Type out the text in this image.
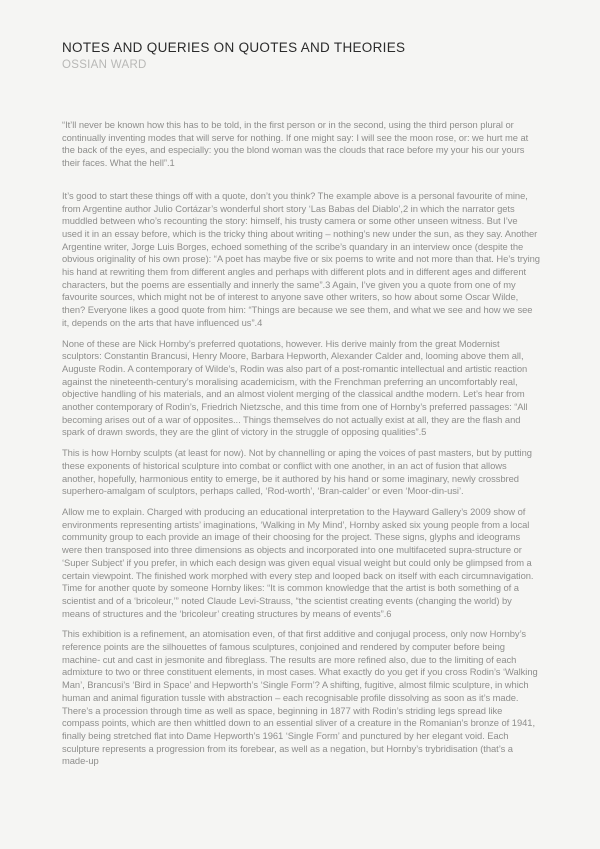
NOTES AND QUERIES ON QUOTES AND THEORIES
OSSIAN WARD

“It’ll never be known how this has to be told, in the first person or in the second, using the third person plural or continually inventing modes that will serve for nothing. If one might say: I will see the moon rose, or: we hurt me at the back of the eyes, and especially: you the blond woman was the clouds that race before my your his our yours their faces. What the hell”.1

It’s good to start these things off with a quote, don’t you think? The example above is a personal favourite of mine, from Argentine author Julio Cortázar’s wonderful short story ‘Las Babas del Diablo’,2 in which the narrator gets muddled between who’s recounting the story: himself, his trusty camera or some other unseen witness. But I’ve used it in an essay before, which is the tricky thing about writing – nothing’s new under the sun, as they say. Another Argentine writer, Jorge Luis Borges, echoed something of the scribe’s quandary in an interview once (despite the obvious originality of his own prose): “A poet has maybe five or six poems to write and not more than that. He’s trying his hand at rewriting them from different angles and perhaps with different plots and in different ages and different characters, but the poems are essentially and innerly the same”.3 Again, I’ve given you a quote from one of my favourite sources, which might not be of interest to anyone save other writers, so how about some Oscar Wilde, then? Everyone likes a good quote from him: “Things are because we see them, and what we see and how we see it, depends on the arts that have influenced us”.4

None of these are Nick Hornby’s preferred quotations, however. His derive mainly from the great Modernist sculptors: Constantin Brancusi, Henry Moore, Barbara Hepworth, Alexander Calder and, looming above them all, Auguste Rodin. A contemporary of Wilde’s, Rodin was also part of a post-romantic intellectual and artistic reaction against the nineteenth-century’s moralising academicism, with the Frenchman preferring an uncomfortably real, objective handling of his materials, and an almost violent merging of the classical andthe modern. Let’s hear from another contemporary of Rodin’s, Friedrich Nietzsche, and this time from one of Hornby’s preferred passages: “All becoming arises out of a war of opposites... Things themselves do not actually exist at all, they are the flash and spark of drawn swords, they are the glint of victory in the struggle of opposing qualities”.5

This is how Hornby sculpts (at least for now). Not by channelling or aping the voices of past masters, but by putting these exponents of historical sculpture into combat or conflict with one another, in an act of fusion that allows another, hopefully, harmonious entity to emerge, be it authored by his hand or some imaginary, newly crossbred superhero-amalgam of sculptors, perhaps called, ‘Rod-worth’, ‘Bran-calder’ or even ‘Moor-din-usi’.

Allow me to explain. Charged with producing an educational interpretation to the Hayward Gallery’s 2009 show of environments representing artists’ imaginations, ‘Walking in My Mind’, Hornby asked six young people from a local community group to each provide an image of their choosing for the project. These signs, glyphs and ideograms were then transposed into three dimensions as objects and incorporated into one multifaceted supra-structure or ‘Super Subject’ if you prefer, in which each design was given equal visual weight but could only be glimpsed from a certain viewpoint. The finished work morphed with every step and looped back on itself with each circumnavigation. Time for another quote by someone Hornby likes: “It is common knowledge that the artist is both something of a scientist and of a ‘bricoleur,’” noted Claude Levi-Strauss, “the scientist creating events (changing the world) by means of structures and the ‘bricoleur’ creating structures by means of events”.6

This exhibition is a refinement, an atomisation even, of that first additive and conjugal process, only now Hornby’s reference points are the silhouettes of famous sculptures, conjoined and rendered by computer before being machine- cut and cast in jesmonite and fibreglass. The results are more refined also, due to the limiting of each admixture to two or three constituent elements, in most cases. What exactly do you get if you cross Rodin’s ‘Walking Man’, Brancusi’s ‘Bird in Space’ and Hepworth’s ‘Single Form’? A shifting, fugitive, almost filmic sculpture, in which human and animal figuration tussle with abstraction – each recognisable profile dissolving as soon as it’s made. There’s a procession through time as well as space, beginning in 1877 with Rodin’s striding legs spread like compass points, which are then whittled down to an essential sliver of a creature in the Romanian’s bronze of 1941, finally being stretched flat into Dame Hepworth’s 1961 ‘Single Form’ and punctured by her elegant void. Each sculpture represents a progression from its forebear, as well as a negation, but Hornby’s trybridisation (that’s a made-up
